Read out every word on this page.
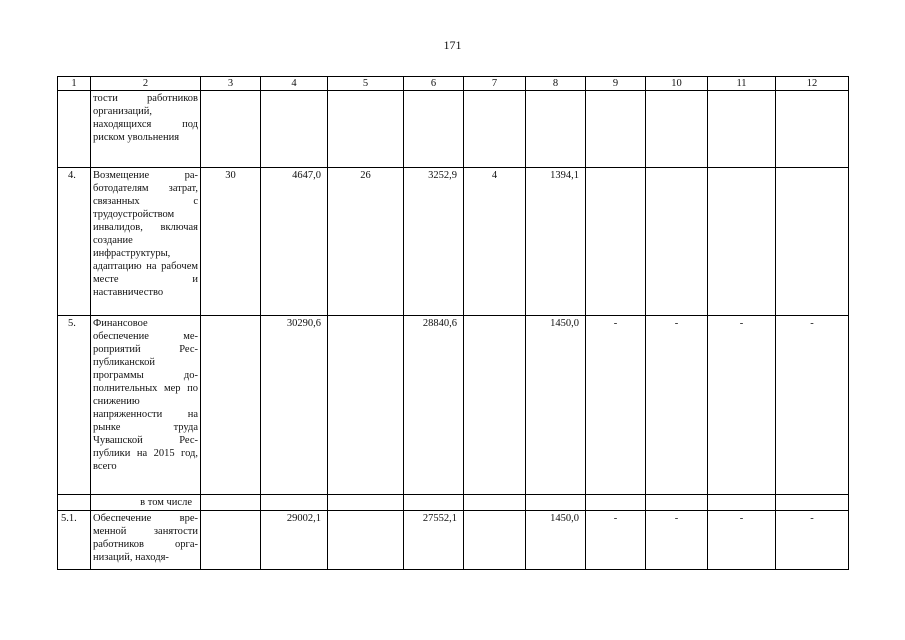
171
1	2	3	4	5	6	7	8	9	10	11	12
	тости работников организаций, находящихся под риском увольнения										
4.	Возмещение работодателям затрат, связанных с трудоустройством инвалидов, включая создание инфраструктуры, адаптацию на рабочем месте и наставничество	30	4647,0	26	3252,9	4	1394,1				
5.	Финансовое обеспечение мероприятий Республиканской программы дополнительных мер по снижению напряженности на рынке труда Чувашской Республики на 2015 год, всего		30290,6		28840,6		1450,0	-	-	-	-
	в том числе										
5.1.	Обеспечение временной занятости работников организаций, находя-		29002,1		27552,1		1450,0	-	-	-	-
